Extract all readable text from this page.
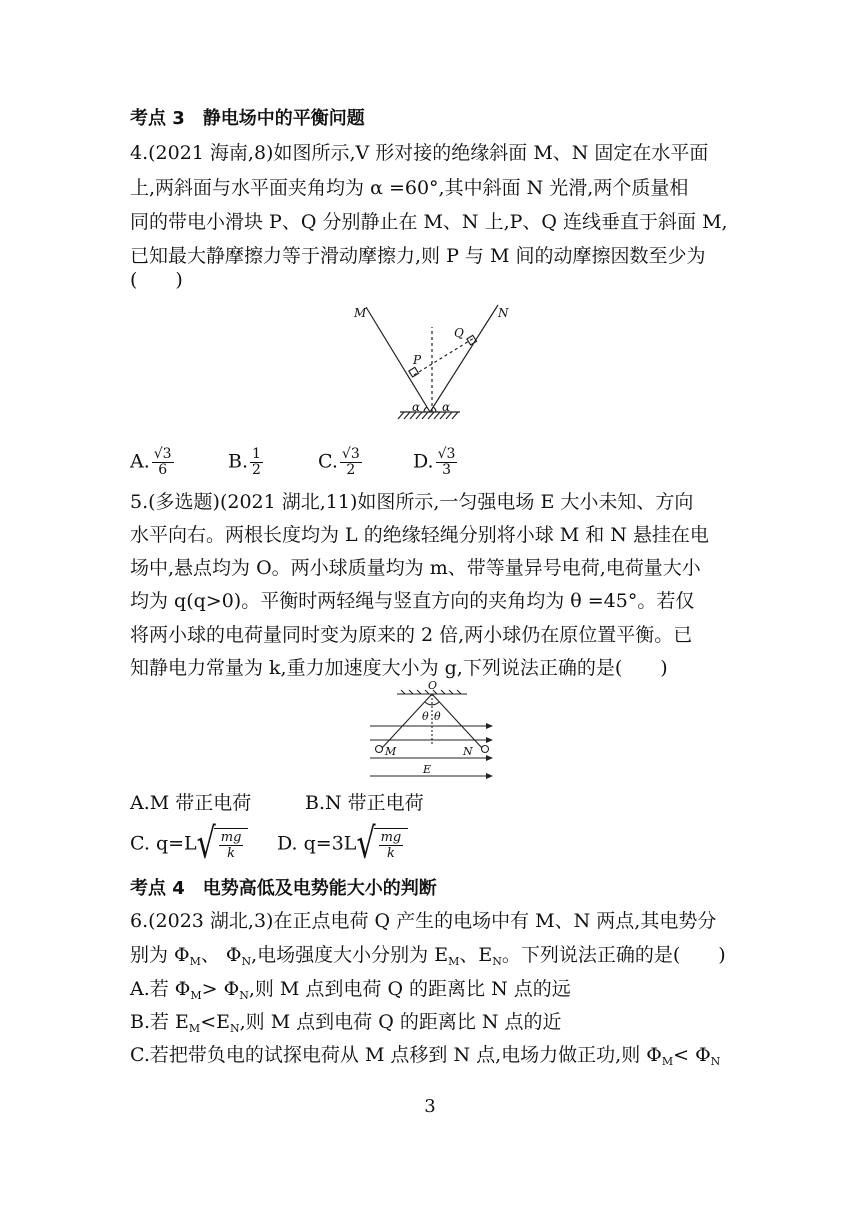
考点 3　静电场中的平衡问题
4.(2021 海南,8)如图所示,V 形对接的绝缘斜面 M、N 固定在水平面
上,两斜面与水平面夹角均为 α =60°,其中斜面 N 光滑,两个质量相
同的带电小滑块 P、Q 分别静止在 M、N 上,P、Q 连线垂直于斜面 M,
已知最大静摩擦力等于滑动摩擦力,则 P 与 M 间的动摩擦因数至少为
(　　)
M	N
P
Q
α α
A. $\frac{√3}{6}$	B. $\frac{1}{2}$	C. $\frac{√3}{2}$	D. $\frac{√3}{3}$
5.(多选题)(2021 湖北,11)如图所示,一匀强电场 E 大小未知、方向
水平向右。两根长度均为 L 的绝缘轻绳分别将小球 M 和 N 悬挂在电
场中,悬点均为 O。两小球质量均为 m、带等量异号电荷,电荷量大小
均为 q(q>0)。平衡时两轻绳与竖直方向的夹角均为 θ =45°。若仅
将两小球的电荷量同时变为原来的 2 倍,两小球仍在原位置平衡。已
知静电力常量为 k,重力加速度大小为 g,下列说法正确的是(　　)
O
θ θ
M	N
E
A.M 带正电荷	B.N 带正电荷
C. q=L √ $\frac{mg}{k} D$. q=3L √ $\frac{mg}{k}$
考点 4　电势高低及电势能大小的判断
6.(2023 湖北,3)在正点电荷 Q 产生的电场中有 M、N 两点,其电势分
别为 $\Phi_M$、 $\Phi_N$,电场强度大小分别为 $E_M$、$E_N$。下列说法正确的是(　　)
A.若 $\Phi_M> \Phi_N$,则 M 点到电荷 Q 的距离比 N 点的远
B.若 $E_M<E_N$,则 M 点到电荷 Q 的距离比 N 点的近
C.若把带负电的试探电荷从 M 点移到 N 点,电场力做正功,则 $\Phi_M< \Phi_N$
3
